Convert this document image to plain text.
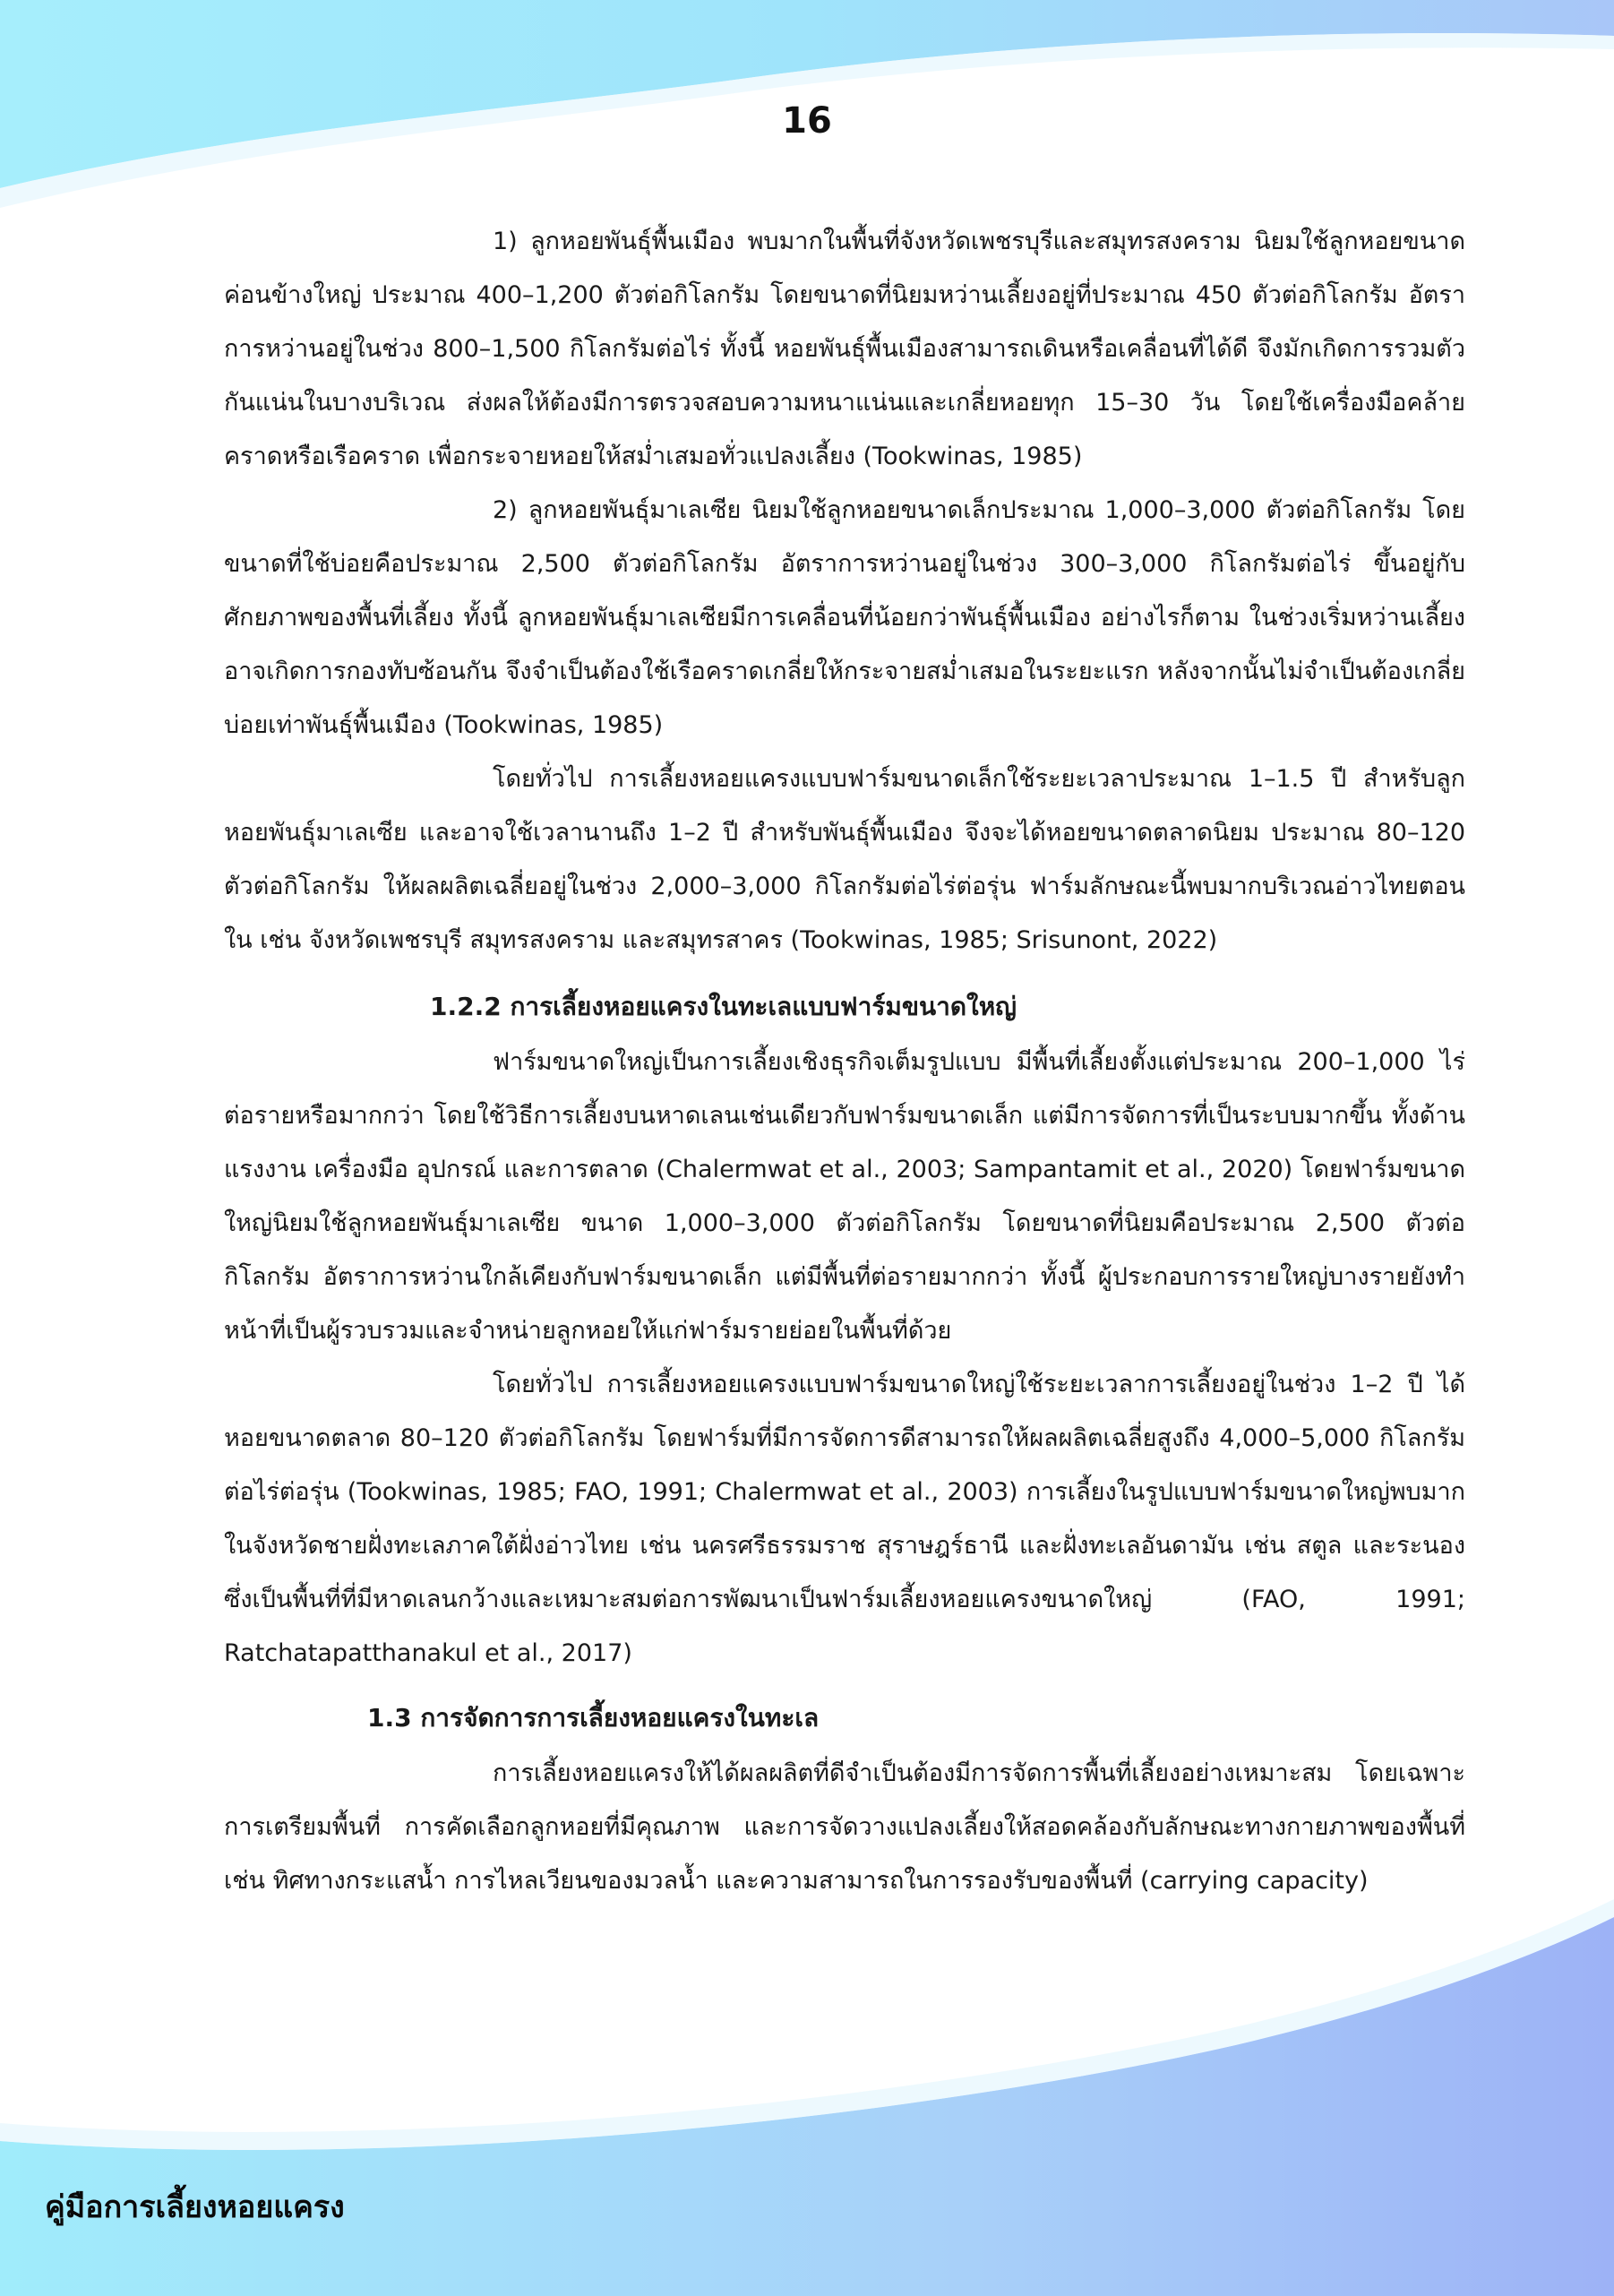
16

1) ลูกหอยพันธุ์พื้นเมือง พบมากในพื้นที่จังหวัดเพชรบุรีและสมุทรสงคราม นิยมใช้ลูกหอยขนาดค่อนข้างใหญ่ ประมาณ 400–1,200 ตัวต่อกิโลกรัม โดยขนาดที่นิยมหว่านเลี้ยงอยู่ที่ประมาณ 450 ตัวต่อกิโลกรัม อัตราการหว่านอยู่ในช่วง 800–1,500 กิโลกรัมต่อไร่ ทั้งนี้ หอยพันธุ์พื้นเมืองสามารถเดินหรือเคลื่อนที่ได้ดี จึงมักเกิดการรวมตัวกันแน่นในบางบริเวณ ส่งผลให้ต้องมีการตรวจสอบความหนาแน่นและเกลี่ยหอยทุก 15–30 วัน โดยใช้เครื่องมือคล้ายคราดหรือเรือคราด เพื่อกระจายหอยให้สม่ำเสมอทั่วแปลงเลี้ยง (Tookwinas, 1985)

2) ลูกหอยพันธุ์มาเลเซีย นิยมใช้ลูกหอยขนาดเล็กประมาณ 1,000–3,000 ตัวต่อกิโลกรัม โดยขนาดที่ใช้บ่อยคือประมาณ 2,500 ตัวต่อกิโลกรัม อัตราการหว่านอยู่ในช่วง 300–3,000 กิโลกรัมต่อไร่ ขึ้นอยู่กับศักยภาพของพื้นที่เลี้ยง ทั้งนี้ ลูกหอยพันธุ์มาเลเซียมีการเคลื่อนที่น้อยกว่าพันธุ์พื้นเมือง อย่างไรก็ตาม ในช่วงเริ่มหว่านเลี้ยงอาจเกิดการกองทับซ้อนกัน จึงจำเป็นต้องใช้เรือคราดเกลี่ยให้กระจายสม่ำเสมอในระยะแรก หลังจากนั้นไม่จำเป็นต้องเกลี่ยบ่อยเท่าพันธุ์พื้นเมือง (Tookwinas, 1985)

โดยทั่วไป การเลี้ยงหอยแครงแบบฟาร์มขนาดเล็กใช้ระยะเวลาประมาณ 1–1.5 ปี สำหรับลูกหอยพันธุ์มาเลเซีย และอาจใช้เวลานานถึง 1–2 ปี สำหรับพันธุ์พื้นเมือง จึงจะได้หอยขนาดตลาดนิยม ประมาณ 80–120 ตัวต่อกิโลกรัม ให้ผลผลิตเฉลี่ยอยู่ในช่วง 2,000–3,000 กิโลกรัมต่อไร่ต่อรุ่น ฟาร์มลักษณะนี้พบมากบริเวณอ่าวไทยตอนใน เช่น จังหวัดเพชรบุรี สมุทรสงคราม และสมุทรสาคร (Tookwinas, 1985; Srisunont, 2022)

1.2.2 การเลี้ยงหอยแครงในทะเลแบบฟาร์มขนาดใหญ่

ฟาร์มขนาดใหญ่เป็นการเลี้ยงเชิงธุรกิจเต็มรูปแบบ มีพื้นที่เลี้ยงตั้งแต่ประมาณ 200–1,000 ไร่ต่อรายหรือมากกว่า โดยใช้วิธีการเลี้ยงบนหาดเลนเช่นเดียวกับฟาร์มขนาดเล็ก แต่มีการจัดการที่เป็นระบบมากขึ้น ทั้งด้านแรงงาน เครื่องมือ อุปกรณ์ และการตลาด (Chalermwat et al., 2003; Sampantamit et al., 2020) โดยฟาร์มขนาดใหญ่นิยมใช้ลูกหอยพันธุ์มาเลเซีย ขนาด 1,000–3,000 ตัวต่อกิโลกรัม โดยขนาดที่นิยมคือประมาณ 2,500 ตัวต่อกิโลกรัม อัตราการหว่านใกล้เคียงกับฟาร์มขนาดเล็ก แต่มีพื้นที่ต่อรายมากกว่า ทั้งนี้ ผู้ประกอบการรายใหญ่บางรายยังทำหน้าที่เป็นผู้รวบรวมและจำหน่ายลูกหอยให้แก่ฟาร์มรายย่อยในพื้นที่ด้วย

โดยทั่วไป การเลี้ยงหอยแครงแบบฟาร์มขนาดใหญ่ใช้ระยะเวลาการเลี้ยงอยู่ในช่วง 1–2 ปี ได้หอยขนาดตลาด 80–120 ตัวต่อกิโลกรัม โดยฟาร์มที่มีการจัดการดีสามารถให้ผลผลิตเฉลี่ยสูงถึง 4,000–5,000 กิโลกรัมต่อไร่ต่อรุ่น (Tookwinas, 1985; FAO, 1991; Chalermwat et al., 2003) การเลี้ยงในรูปแบบฟาร์มขนาดใหญ่พบมากในจังหวัดชายฝั่งทะเลภาคใต้ฝั่งอ่าวไทย เช่น นครศรีธรรมราช สุราษฎร์ธานี และฝั่งทะเลอันดามัน เช่น สตูล และระนอง ซึ่งเป็นพื้นที่ที่มีหาดเลนกว้างและเหมาะสมต่อการพัฒนาเป็นฟาร์มเลี้ยงหอยแครงขนาดใหญ่ (FAO, 1991; Ratchatapatthanakul et al., 2017)

1.3 การจัดการการเลี้ยงหอยแครงในทะเล

การเลี้ยงหอยแครงให้ได้ผลผลิตที่ดีจำเป็นต้องมีการจัดการพื้นที่เลี้ยงอย่างเหมาะสม โดยเฉพาะการเตรียมพื้นที่ การคัดเลือกลูกหอยที่มีคุณภาพ และการจัดวางแปลงเลี้ยงให้สอดคล้องกับลักษณะทางกายภาพของพื้นที่ เช่น ทิศทางกระแสน้ำ การไหลเวียนของมวลน้ำ และความสามารถในการรองรับของพื้นที่ (carrying capacity)

คู่มือการเลี้ยงหอยแครง
